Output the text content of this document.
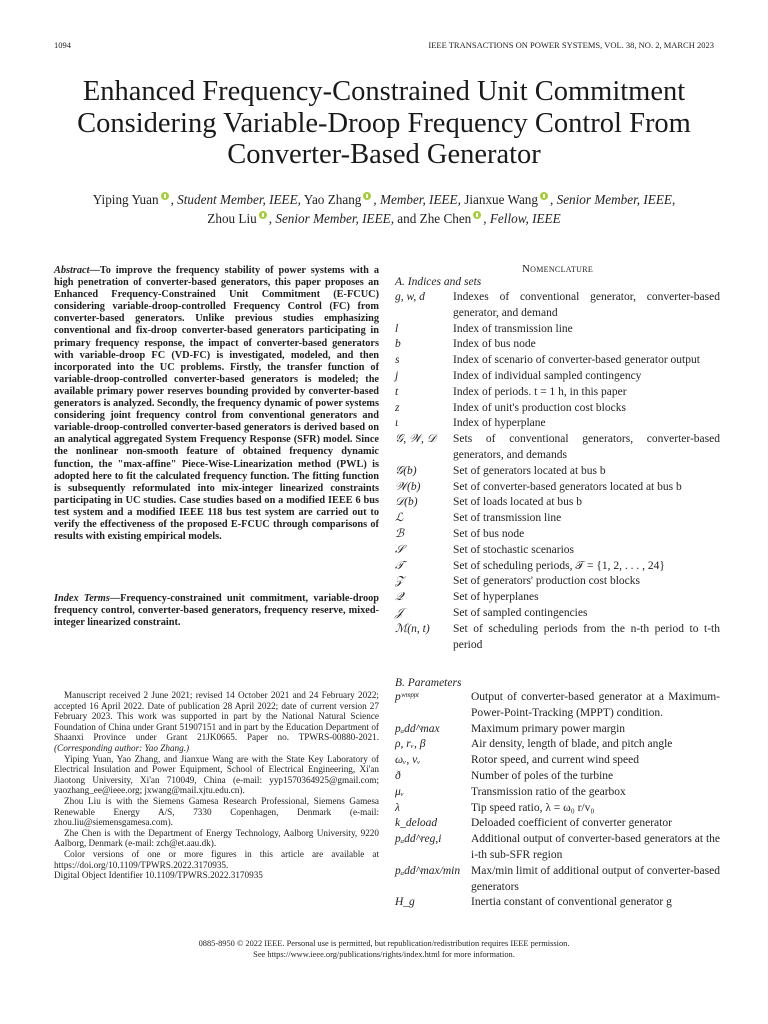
1094	IEEE TRANSACTIONS ON POWER SYSTEMS, VOL. 38, NO. 2, MARCH 2023
Enhanced Frequency-Constrained Unit Commitment
Considering Variable-Droop Frequency Control From
Converter-Based Generator
Yiping Yuan , Student Member, IEEE, Yao Zhang , Member, IEEE, Jianxue Wang , Senior Member, IEEE,
Zhou Liu , Senior Member, IEEE, and Zhe Chen , Fellow, IEEE
Abstract—To improve the frequency stability of power systems with a high penetration of converter-based generators, this paper proposes an Enhanced Frequency-Constrained Unit Commitment (E-FCUC) considering variable-droop-controlled Frequency Control (FC) from converter-based generators. Unlike previous studies emphasizing conventional and fix-droop converter-based generators participating in primary frequency response, the impact of converter-based generators with variable-droop FC (VD-FC) is investigated, modeled, and then incorporated into the UC problems. Firstly, the transfer function of variable-droop-controlled converter-based generators is modeled; the available primary power reserves bounding provided by converter-based generators is analyzed. Secondly, the frequency dynamic of power systems considering joint frequency control from conventional generators and variable-droop-controlled converter-based generators is derived based on an analytical aggregated System Frequency Response (SFR) model. Since the nonlinear non-smooth feature of obtained frequency dynamic function, the "max-affine" Piece-Wise-Linearization method (PWL) is adopted here to fit the calculated frequency function. The fitting function is subsequently reformulated into mix-integer linearized constraints participating in UC studies. Case studies based on a modified IEEE 6 bus test system and a modified IEEE 118 bus test system are carried out to verify the effectiveness of the proposed E-FCUC through comparisons of results with existing empirical models.
Index Terms—Frequency-constrained unit commitment, variable-droop frequency control, converter-based generators, frequency reserve, mixed-integer linearized constraint.

Manuscript received 2 June 2021; revised 14 October 2021 and 24 February 2022; accepted 16 April 2022. Date of publication 28 April 2022; date of current version 27 February 2023. This work was supported in part by the National Natural Science Foundation of China under Grant 51907151 and in part by the Education Department of Shaanxi Province under Grant 21JK0665. Paper no. TPWRS-00880-2021. (Corresponding author: Yao Zhang.)

Yiping Yuan, Yao Zhang, and Jianxue Wang are with the State Key Laboratory of Electrical Insulation and Power Equipment, School of Electrical Engineering, Xi'an Jiaotong University, Xi'an 710049, China (e-mail: yyp1570364925@gmail.com; yaozhang_ee@ieee.org; jxwang@mail.xjtu.edu.cn).

Zhou Liu is with the Siemens Gamesa Research Professional, Siemens Gamesa Renewable Energy A/S, 7330 Copenhagen, Denmark (e-mail: zhou.liu@siemensgamesa.com).

Zhe Chen is with the Department of Energy Technology, Aalborg University, 9220 Aalborg, Denmark (e-mail: zch@et.aau.dk).

Color versions of one or more figures in this article are available at https://doi.org/10.1109/TPWRS.2022.3170935.

Digital Object Identifier 10.1109/TPWRS.2022.3170935

Nomenclature
A. Indices and sets
g, w, d	Indexes of conventional generator, converter-based generator, and demand
l	Index of transmission line
b	Index of bus node
s	Index of scenario of converter-based generator output
j	Index of individual sampled contingency
t	Index of periods. t = 1 h, in this paper
z	Index of unit's production cost blocks
ι	Index of hyperplane
𝒢, 𝒲, 𝒟	Sets of conventional generators, converter-based generators, and demands
𝒢(b)	Set of generators located at bus b
𝒲(b)	Set of converter-based generators located at bus b
𝒟(b)	Set of loads located at bus b
ℒ	Set of transmission line
ℬ	Set of bus node
𝒮	Set of stochastic scenarios
𝒯	Set of scheduling periods, 𝒯 = {1, 2, . . . , 24}
𝒵	Set of generators' production cost blocks
𝒬	Set of hyperplanes
𝒥	Set of sampled contingencies
ℳ(n, t)	Set of scheduling periods from the n-th period to t-th period
B. Parameters
pʷᵐᵖᵖᵗ	Output of converter-based generator at a Maximum-Power-Point-Tracking (MPPT) condition.
pₐdd^max	Maximum primary power margin
ρ, rᵥ, β	Air density, length of blade, and pitch angle
ωᵥ, vᵥ	Rotor speed, and current wind speed
ð	Number of poles of the turbine
μᵥ	Transmission ratio of the gearbox
λ	Tip speed ratio, λ = ω₀ r/v₀
k_deload	Deloaded coefficient of converter generator
pₐdd^reg,i	Additional output of converter-based generators at the i-th sub-SFR region
pₐdd^max/min Max/min limit of additional output of converter-based generators
H_g	Inertia constant of conventional generator g
0885-8950 © 2022 IEEE. Personal use is permitted, but republication/redistribution requires IEEE permission.
See https://www.ieee.org/publications/rights/index.html for more information.
